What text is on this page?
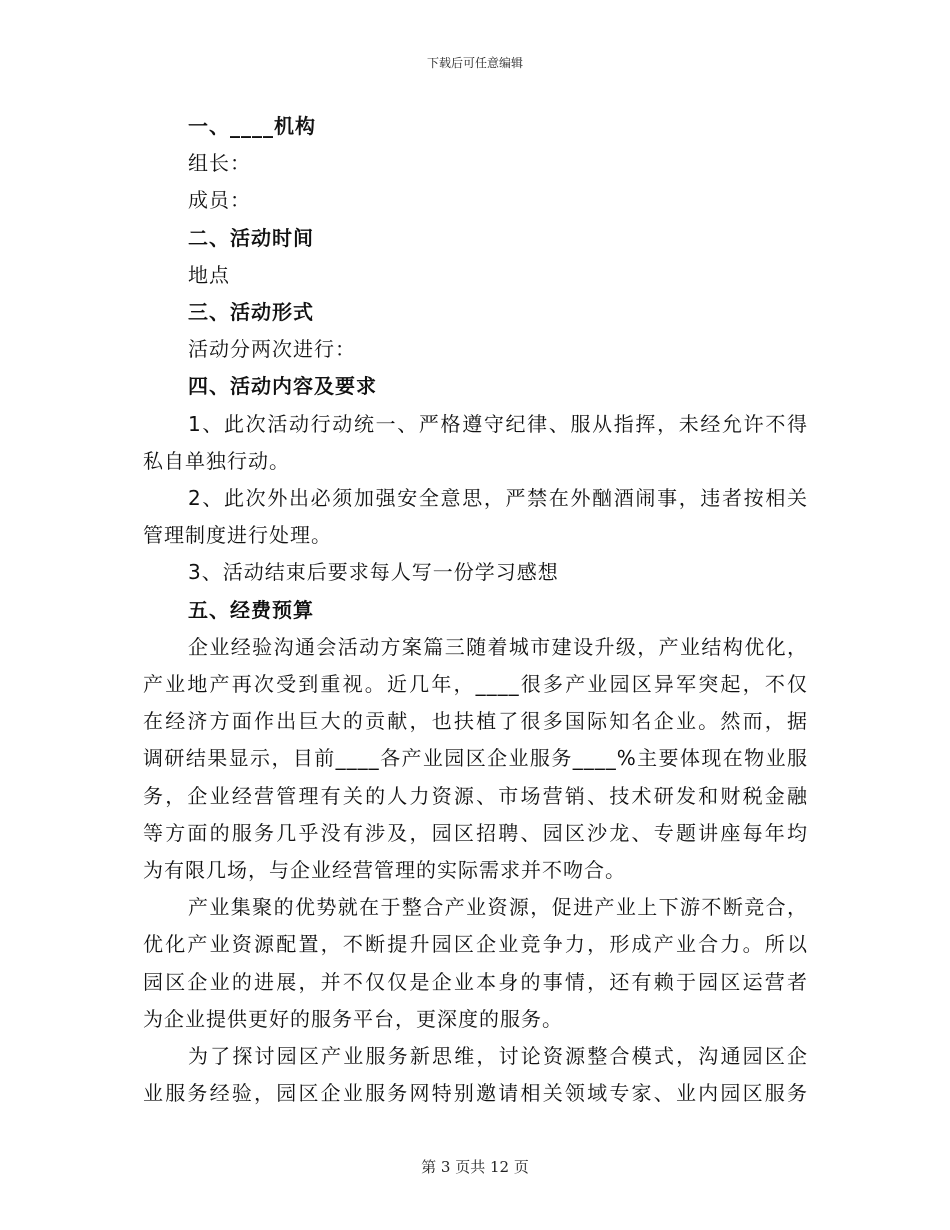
下载后可任意编辑
一、____机构
组长：
成员：
二、活动时间
地点
三、活动形式
活动分两次进行：
四、活动内容及要求
1、此次活动行动统一、严格遵守纪律、服从指挥，未经允许不得
私自单独行动。
2、此次外出必须加强安全意思，严禁在外酗酒闹事，违者按相关
管理制度进行处理。
3、活动结束后要求每人写一份学习感想
五、经费预算
企业经验沟通会活动方案篇三随着城市建设升级，产业结构优化，
产业地产再次受到重视。近几年，____很多产业园区异军突起，不仅
在经济方面作出巨大的贡献，也扶植了很多国际知名企业。然而，据
调研结果显示，目前____各产业园区企业服务____%主要体现在物业服
务，企业经营管理有关的人力资源、市场营销、技术研发和财税金融
等方面的服务几乎没有涉及，园区招聘、园区沙龙、专题讲座每年均
为有限几场，与企业经营管理的实际需求并不吻合。
产业集聚的优势就在于整合产业资源，促进产业上下游不断竞合，
优化产业资源配置，不断提升园区企业竞争力，形成产业合力。所以
园区企业的进展，并不仅仅是企业本身的事情，还有赖于园区运营者
为企业提供更好的服务平台，更深度的服务。
为了探讨园区产业服务新思维，讨论资源整合模式，沟通园区企
业服务经验，园区企业服务网特别邀请相关领域专家、业内园区服务
第 3 页共 12 页
